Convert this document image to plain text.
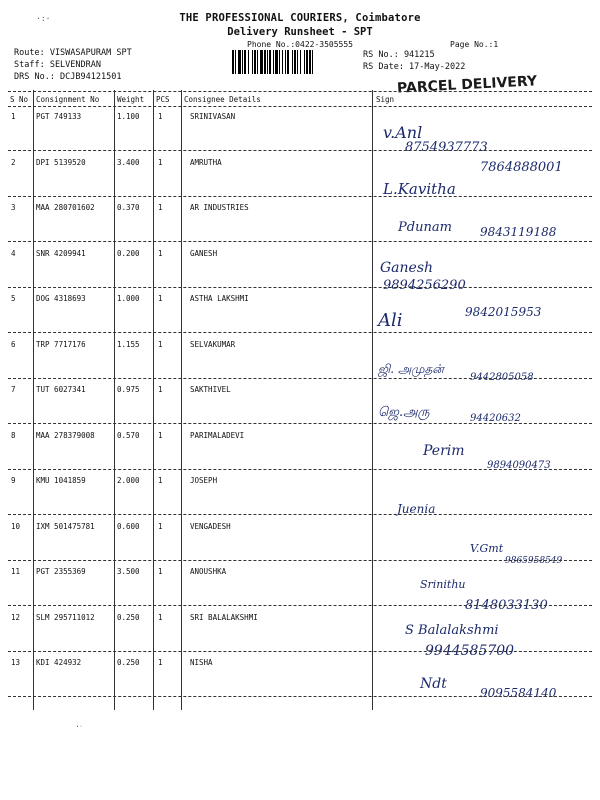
THE PROFESSIONAL COURIERS, Coimbatore
Delivery Runsheet - SPT
Phone No.:0422-3505555	Page No.:1
Route: VISWASAPURAM SPT
Staff: SELVENDRAN
DRS No.: DCJB94121501
RS No.: 941215
RS Date: 17-May-2022
PARCEL DELIVERY
·:·
·ᐧ
S No Consignment No Weight PCS Consignee Details	Sign
1	PGT 749133	1.100 1	SRINIVASAN
v.Anl
8754937773
2	DPI 5139520	3.400 1	AMRUTHA
L.Kavitha
7864888001
3	MAA 280701602	0.370 1	AR INDUSTRIES
Pdunam 9843119188
4	SNR 4209941	0.200 1	GANESH
Ganesh
9894256290
5	DOG 4318693	1.000 1	ASTHA LAKSHMI
Ali	9842015953
6	TRP 7717176	1.155 1	SELVAKUMAR
ஜி. அமுதன்
9442805058
7	TUT 6027341	0.975 1	SAKTHIVEL
ஜெ.அரு	94420632
8	MAA 278379008	0.570 1	PARIMALADEVI
Perim
9894090473
9	KMU 1041859	2.000 1	JOSEPH
Juenia
10 IXM 501475781	0.600 1	VENGADESH
V.Gmt
9865958549
11 PGT 2355369	3.500 1	ANOUSHKA
Srinithu
8148033130
12 SLM 295711012	0.250 1	SRI BALALAKSHMI
S Balalakshmi
9944585700
13 KDI 424932	0.250 1	NISHA
Ndt
9095584140
